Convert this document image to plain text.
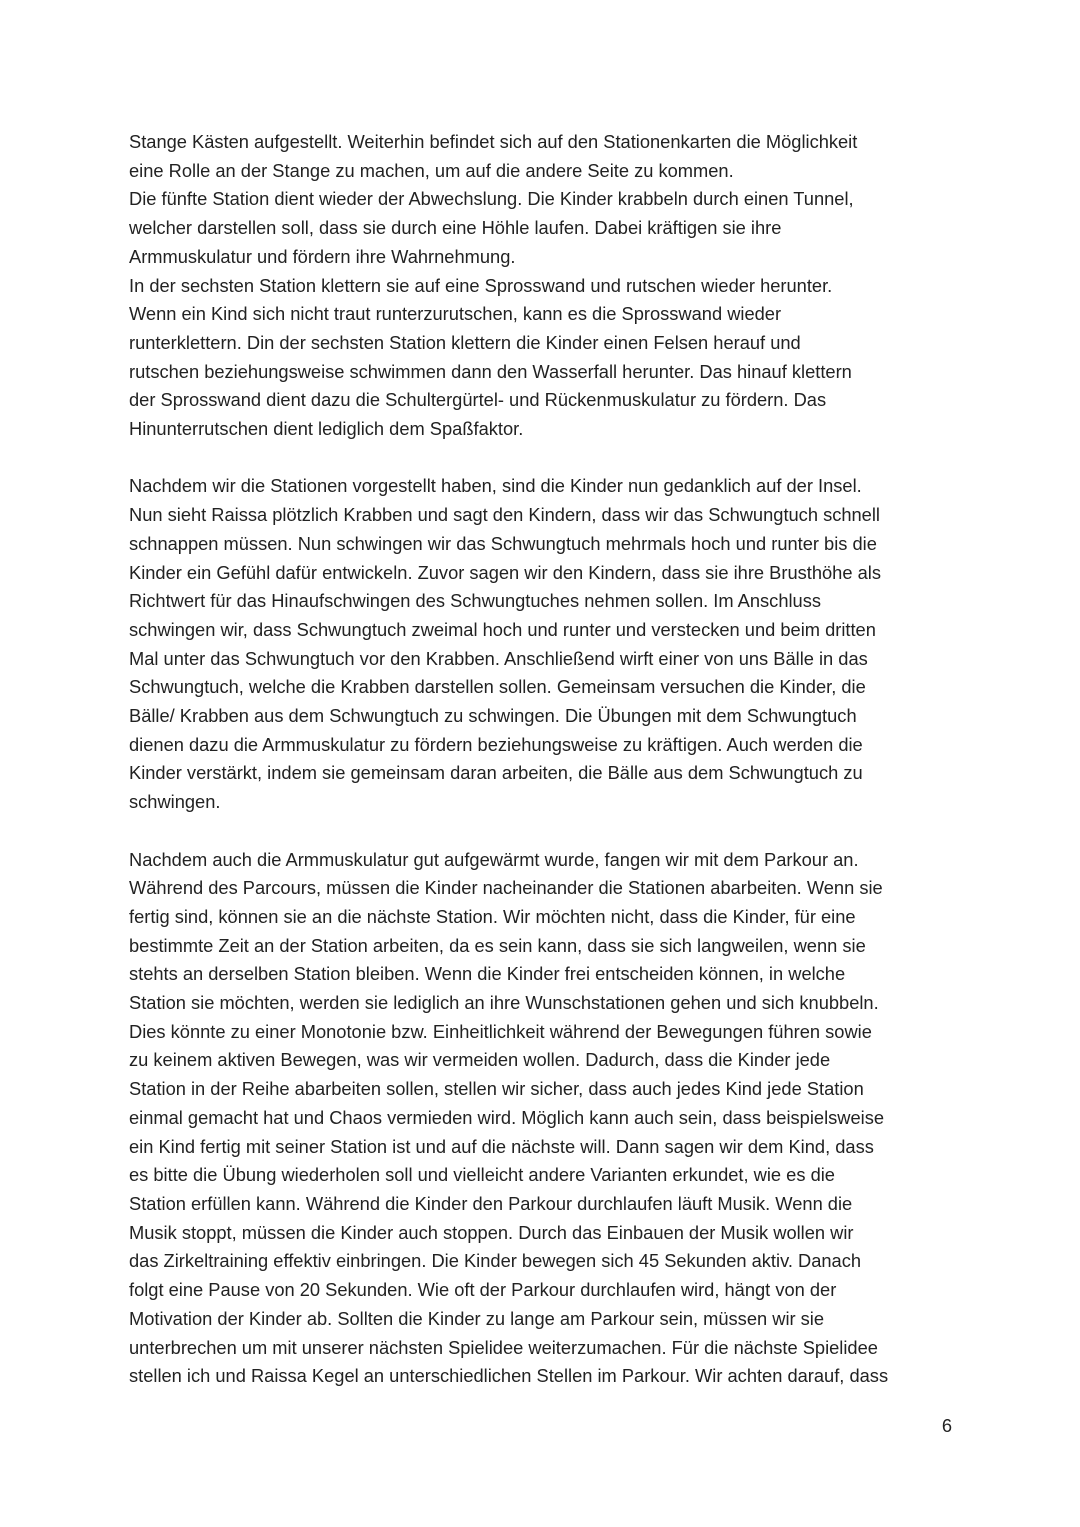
Stange Kästen aufgestellt. Weiterhin befindet sich auf den Stationenkarten die Möglichkeit
eine Rolle an der Stange zu machen, um auf die andere Seite zu kommen.
Die fünfte Station dient wieder der Abwechslung. Die Kinder krabbeln durch einen Tunnel,
welcher darstellen soll, dass sie durch eine Höhle laufen. Dabei kräftigen sie ihre
Armmuskulatur und fördern ihre Wahrnehmung.
In der sechsten Station klettern sie auf eine Sprosswand und rutschen wieder herunter.
Wenn ein Kind sich nicht traut runterzurutschen, kann es die Sprosswand wieder
runterklettern. Din der sechsten Station klettern die Kinder einen Felsen herauf und
rutschen beziehungsweise schwimmen dann den Wasserfall herunter. Das hinauf klettern
der Sprosswand dient dazu die Schultergürtel- und Rückenmuskulatur zu fördern. Das
Hinunterrutschen dient lediglich dem Spaßfaktor.

Nachdem wir die Stationen vorgestellt haben, sind die Kinder nun gedanklich auf der Insel.
Nun sieht Raissa plötzlich Krabben und sagt den Kindern, dass wir das Schwungtuch schnell
schnappen müssen. Nun schwingen wir das Schwungtuch mehrmals hoch und runter bis die
Kinder ein Gefühl dafür entwickeln. Zuvor sagen wir den Kindern, dass sie ihre Brusthöhe als
Richtwert für das Hinaufschwingen des Schwungtuches nehmen sollen. Im Anschluss
schwingen wir, dass Schwungtuch zweimal hoch und runter und verstecken und beim dritten
Mal unter das Schwungtuch vor den Krabben. Anschließend wirft einer von uns Bälle in das
Schwungtuch, welche die Krabben darstellen sollen. Gemeinsam versuchen die Kinder, die
Bälle/ Krabben aus dem Schwungtuch zu schwingen. Die Übungen mit dem Schwungtuch
dienen dazu die Armmuskulatur zu fördern beziehungsweise zu kräftigen. Auch werden die
Kinder verstärkt, indem sie gemeinsam daran arbeiten, die Bälle aus dem Schwungtuch zu
schwingen.

Nachdem auch die Armmuskulatur gut aufgewärmt wurde, fangen wir mit dem Parkour an.
Während des Parcours, müssen die Kinder nacheinander die Stationen abarbeiten. Wenn sie
fertig sind, können sie an die nächste Station. Wir möchten nicht, dass die Kinder, für eine
bestimmte Zeit an der Station arbeiten, da es sein kann, dass sie sich langweilen, wenn sie
stehts an derselben Station bleiben. Wenn die Kinder frei entscheiden können, in welche
Station sie möchten, werden sie lediglich an ihre Wunschstationen gehen und sich knubbeln.
Dies könnte zu einer Monotonie bzw. Einheitlichkeit während der Bewegungen führen sowie
zu keinem aktiven Bewegen, was wir vermeiden wollen. Dadurch, dass die Kinder jede
Station in der Reihe abarbeiten sollen, stellen wir sicher, dass auch jedes Kind jede Station
einmal gemacht hat und Chaos vermieden wird. Möglich kann auch sein, dass beispielsweise
ein Kind fertig mit seiner Station ist und auf die nächste will. Dann sagen wir dem Kind, dass
es bitte die Übung wiederholen soll und vielleicht andere Varianten erkundet, wie es die
Station erfüllen kann. Während die Kinder den Parkour durchlaufen läuft Musik. Wenn die
Musik stoppt, müssen die Kinder auch stoppen. Durch das Einbauen der Musik wollen wir
das Zirkeltraining effektiv einbringen. Die Kinder bewegen sich 45 Sekunden aktiv. Danach
folgt eine Pause von 20 Sekunden. Wie oft der Parkour durchlaufen wird, hängt von der
Motivation der Kinder ab. Sollten die Kinder zu lange am Parkour sein, müssen wir sie
unterbrechen um mit unserer nächsten Spielidee weiterzumachen. Für die nächste Spielidee
stellen ich und Raissa Kegel an unterschiedlichen Stellen im Parkour. Wir achten darauf, dass

6
